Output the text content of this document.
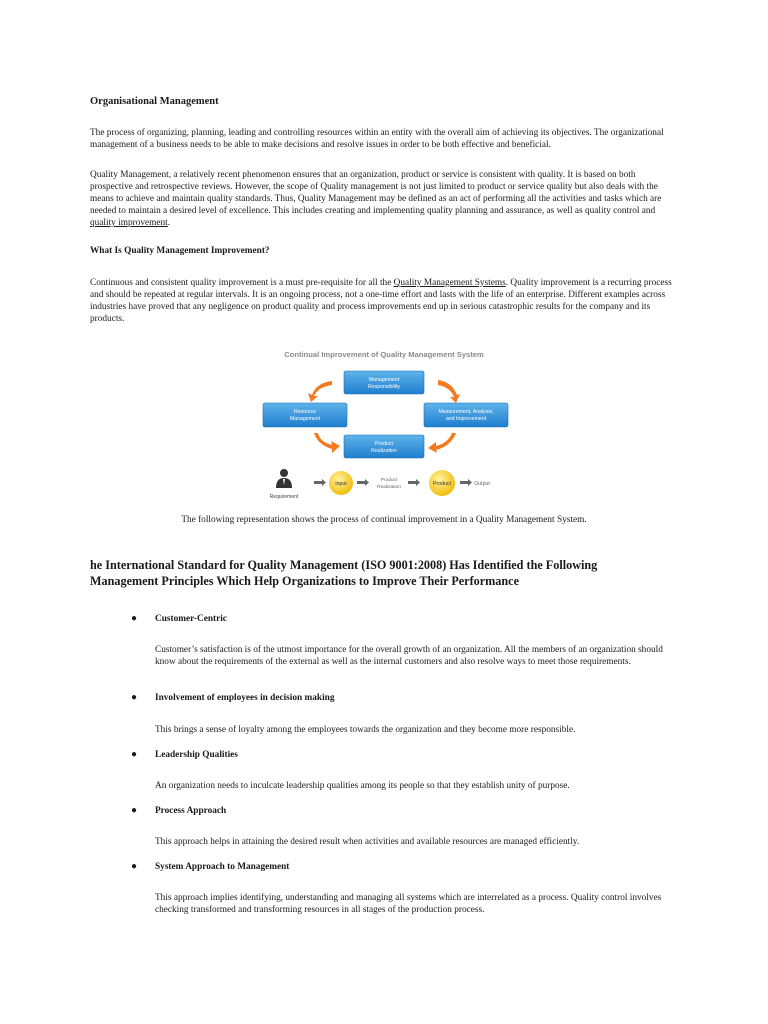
Organisational Management

The process of organizing, planning, leading and controlling resources within an entity with the overall aim of achieving its objectives. The organizational management of a business needs to be able to make decisions and resolve issues in order to be both effective and beneficial.

Quality Management, a relatively recent phenomenon ensures that an organization, product or service is consistent with quality. It is based on both prospective and retrospective reviews. However, the scope of Quality management is not just limited to product or service quality but also deals with the means to achieve and maintain quality standards. Thus, Quality Management may be defined as an act of performing all the activities and tasks which are needed to maintain a desired level of excellence. This includes creating and implementing quality planning and assurance, as well as quality control and quality improvement.

What Is Quality Management Improvement?

Continuous and consistent quality improvement is a must pre-requisite for all the Quality Management Systems. Quality improvement is a recurring process and should be repeated at regular intervals. It is an ongoing process, not a one-time effort and lasts with the life of an enterprise. Different examples across industries have proved that any negligence on product quality and process improvements end up in serious catastrophic results for the company and its products.

Continual Improvement of Quality Management System
Management
Responsibility
Resource
Management
Measurement, Analysis,
and Improvement
Product
Realization
Requirement
Input
Product
Realization
Product	Output
The following representation shows the process of continual improvement in a Quality Management System.

he International Standard for Quality Management (ISO 9001:2008) Has Identified the Following Management Principles Which Help Organizations to Improve Their Performance

● Customer-Centric

Customer’s satisfaction is of the utmost importance for the overall growth of an organization. All the members of an organization should know about the requirements of the external as well as the internal customers and also resolve ways to meet those requirements.

● Involvement of employees in decision making

This brings a sense of loyalty among the employees towards the organization and they become more responsible.

● Leadership Qualities

An organization needs to inculcate leadership qualities among its people so that they establish unity of purpose.

● Process Approach

This approach helps in attaining the desired result when activities and available resources are managed efficiently.

● System Approach to Management

This approach implies identifying, understanding and managing all systems which are interrelated as a process. Quality control involves checking transformed and transforming resources in all stages of the production process.
